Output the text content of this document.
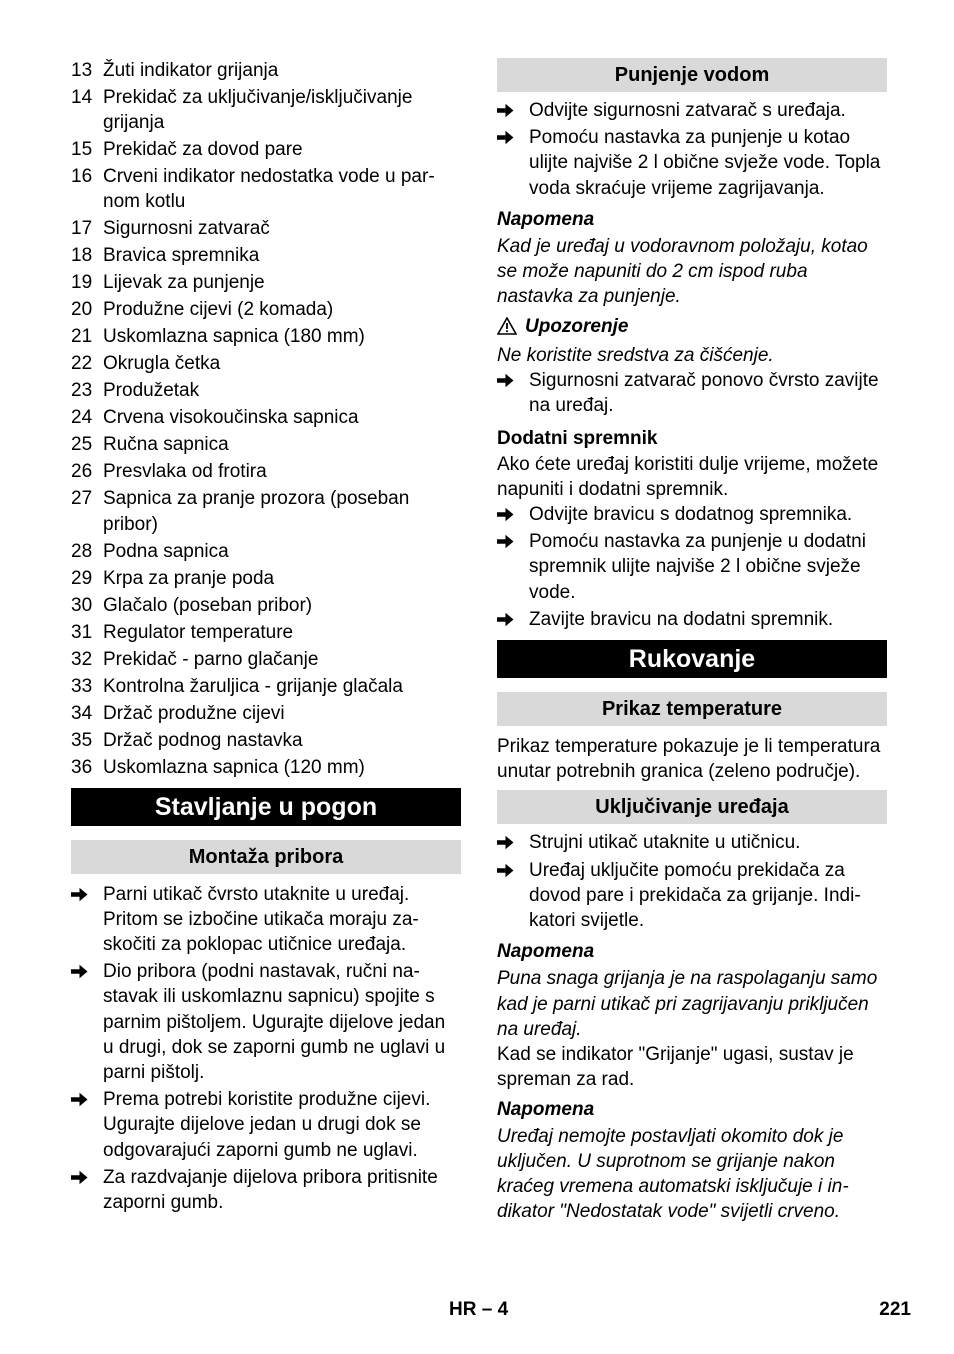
13 Žuti indikator grijanja
14 Prekidač za uključivanje/isključivanje grijanja
15 Prekidač za dovod pare
16 Crveni indikator nedostatka vode u parnom kotlu
17 Sigurnosni zatvarač
18 Bravica spremnika
19 Lijevak za punjenje
20 Produžne cijevi (2 komada)
21 Uskomlazna sapnica (180 mm)
22 Okrugla četka
23 Produžetak
24 Crvena visokoučinska sapnica
25 Ručna sapnica
26 Presvlaka od frotira
27 Sapnica za pranje prozora (poseban pribor)
28 Podna sapnica
29 Krpa za pranje poda
30 Glačalo (poseban pribor)
31 Regulator temperature
32 Prekidač - parno glačanje
33 Kontrolna žaruljica - grijanje glačala
34 Držač produžne cijevi
35 Držač podnog nastavka
36 Uskomlazna sapnica (120 mm)
Stavljanje u pogon
Montaža pribora
Parni utikač čvrsto utaknite u uređaj. Pritom se izbočine utikača moraju zaskočiti za poklopac utičnice uređaja.
Dio pribora (podni nastavak, ručni nastavak ili uskomlaznu sapnicu) spojite s parnim pištoljem. Ugurajte dijelove jedan u drugi, dok se zaporni gumb ne uglavi u parni pištolj.
Prema potrebi koristite produžne cijevi. Ugurajte dijelove jedan u drugi dok se odgovarajući zaporni gumb ne uglavi.
Za razdvajanje dijelova pribora pritisnite zaporni gumb.
Punjenje vodom
Odvijte sigurnosni zatvarač s uređaja.
Pomoću nastavka za punjenje u kotao ulijte najviše 2 l obične svježe vode. Topla voda skraćuje vrijeme zagrijavanja.

Napomena

Kad je uređaj u vodoravnom položaju, kotao se može napuniti do 2 cm ispod ruba nastavka za punjenje.

Upozorenje

Ne koristite sredstva za čišćenje.

Sigurnosni zatvarač ponovo čvrsto zavijte na uređaj.

Dodatni spremnik

Ako ćete uređaj koristiti dulje vrijeme, možete napuniti i dodatni spremnik.

Odvijte bravicu s dodatnog spremnika.
Pomoću nastavka za punjenje u dodatni spremnik ulijte najviše 2 l obične svježe vode.
Zavijte bravicu na dodatni spremnik.
Rukovanje
Prikaz temperature

Prikaz temperature pokazuje je li temperatura unutar potrebnih granica (zeleno područje).

Uključivanje uređaja
Strujni utikač utaknite u utičnicu.
Uređaj uključite pomoću prekidača za dovod pare i prekidača za grijanje. Indikatori svijetle.

Napomena

Puna snaga grijanja je na raspolaganju samo kad je parni utikač pri zagrijavanju priključen na uređaj.

Kad se indikator "Grijanje" ugasi, sustav je spreman za rad.

Napomena

Uređaj nemojte postavljati okomito dok je uključen. U suprotnom se grijanje nakon kraćeg vremena automatski isključuje i indikator "Nedostatak vode" svijetli crveno.

HR – 4	221
